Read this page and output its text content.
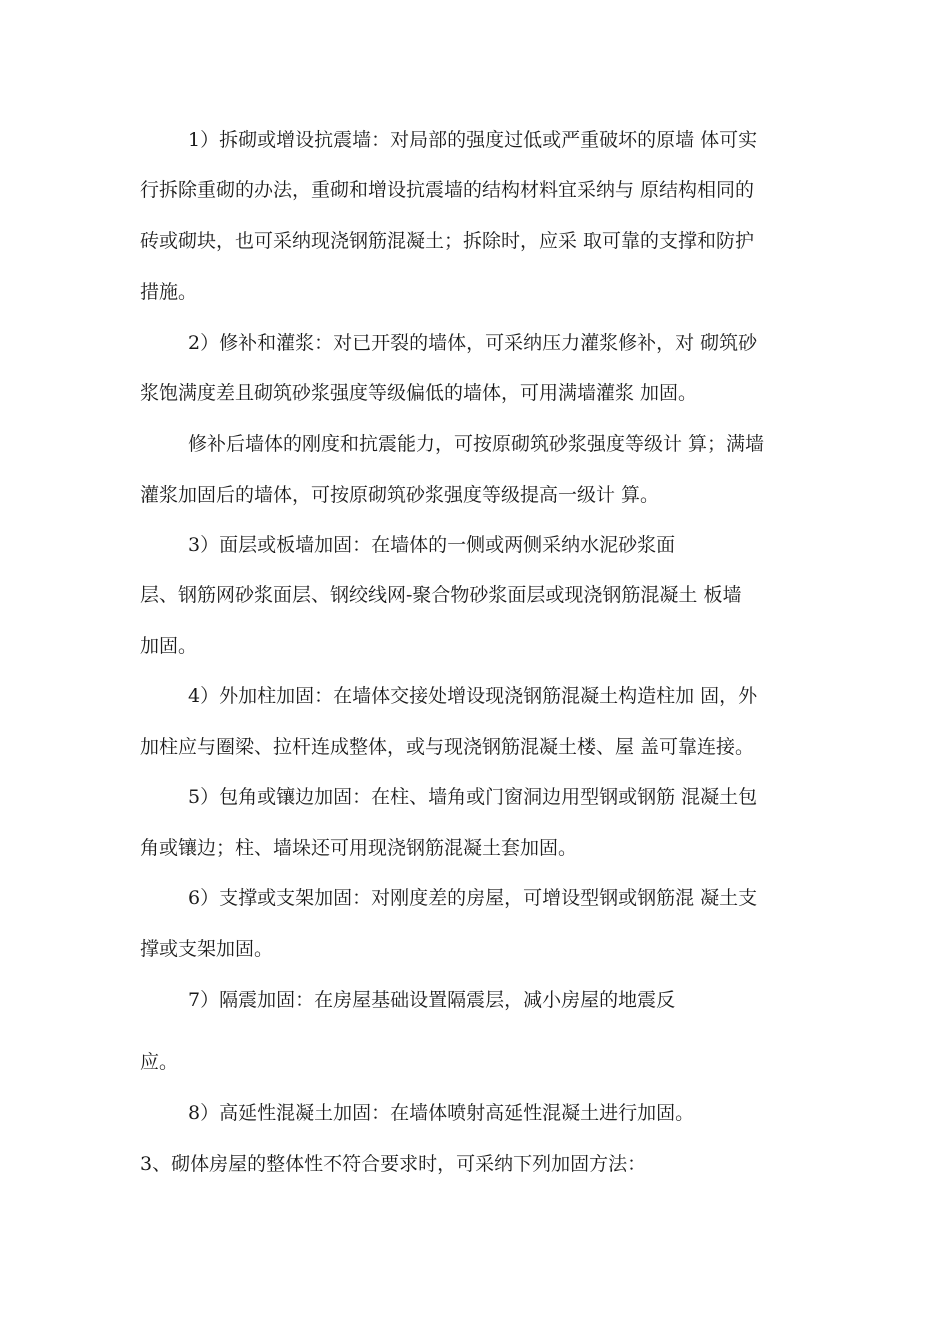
1）拆砌或增设抗震墙：对局部的强度过低或严重破坏的原墙 体可实
行拆除重砌的办法，重砌和增设抗震墙的结构材料宜采纳与 原结构相同的
砖或砌块，也可采纳现浇钢筋混凝土；拆除时，应采 取可靠的支撑和防护
措施。
2）修补和灌浆：对已开裂的墙体，可采纳压力灌浆修补，对 砌筑砂
浆饱满度差且砌筑砂浆强度等级偏低的墙体，可用满墙灌浆 加固。
修补后墙体的刚度和抗震能力，可按原砌筑砂浆强度等级计 算；满墙
灌浆加固后的墙体，可按原砌筑砂浆强度等级提高一级计 算。
3）面层或板墙加固：在墙体的一侧或两侧采纳水泥砂浆面
层、钢筋网砂浆面层、钢绞线网-聚合物砂浆面层或现浇钢筋混凝土 板墙
加固。
4）外加柱加固：在墙体交接处增设现浇钢筋混凝土构造柱加 固，外
加柱应与圈梁、拉杆连成整体，或与现浇钢筋混凝土楼、屋 盖可靠连接。
5）包角或镶边加固：在柱、墙角或门窗洞边用型钢或钢筋 混凝土包
角或镶边；柱、墙垛还可用现浇钢筋混凝土套加固。
6）支撑或支架加固：对刚度差的房屋，可增设型钢或钢筋混 凝土支
撑或支架加固。
7）隔震加固：在房屋基础设置隔震层，减小房屋的地震反
应。
8）高延性混凝土加固：在墙体喷射高延性混凝土进行加固。
3、砌体房屋的整体性不符合要求时，可采纳下列加固方法：
